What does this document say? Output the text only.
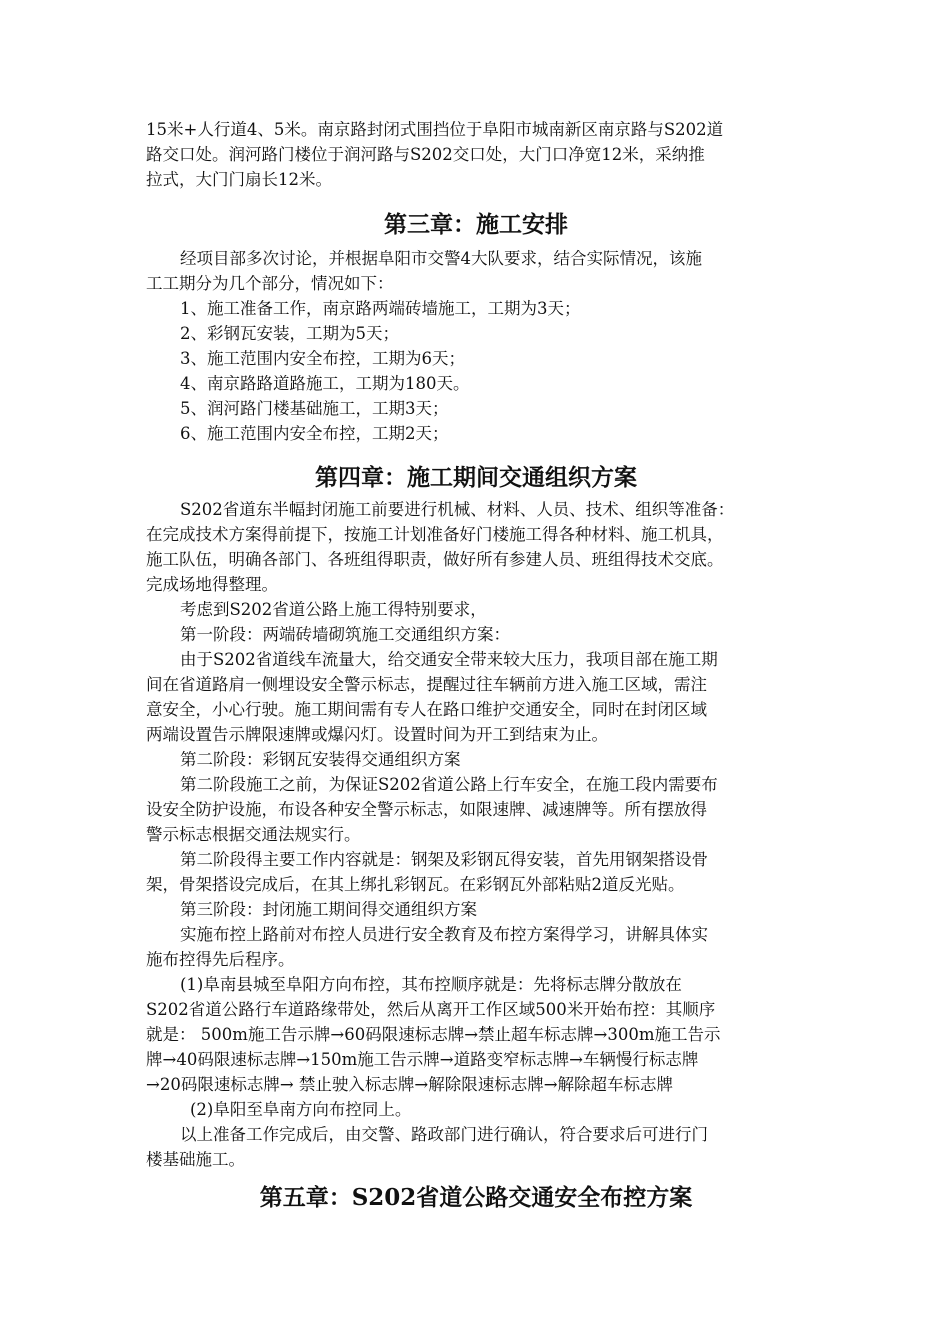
15米+人行道4、5米。南京路封闭式围挡位于阜阳市城南新区南京路与S202道

路交口处。润河路门楼位于润河路与S202交口处，大门口净宽12米，采纳推

拉式，大门门扇长12米。

第三章：施工安排

经项目部多次讨论，并根据阜阳市交警4大队要求，结合实际情况，该施

工工期分为几个部分，情况如下：

1、施工准备工作，南京路两端砖墙施工，工期为3天；

2、彩钢瓦安装，工期为5天；

3、施工范围内安全布控，工期为6天；

4、南京路路道路施工，工期为180天。

5、润河路门楼基础施工，工期3天；

6、施工范围内安全布控，工期2天；

第四章：施工期间交通组织方案

S202省道东半幅封闭施工前要进行机械、材料、人员、技术、组织等准备：

在完成技术方案得前提下，按施工计划准备好门楼施工得各种材料、施工机具，

施工队伍，明确各部门、各班组得职责，做好所有参建人员、班组得技术交底。

完成场地得整理。

考虑到S202省道公路上施工得特别要求，

第一阶段：两端砖墙砌筑施工交通组织方案：

由于S202省道线车流量大，给交通安全带来较大压力，我项目部在施工期

间在省道路肩一侧埋设安全警示标志，提醒过往车辆前方进入施工区域，需注

意安全，小心行驶。施工期间需有专人在路口维护交通安全，同时在封闭区域

两端设置告示牌限速牌或爆闪灯。设置时间为开工到结束为止。

第二阶段：彩钢瓦安装得交通组织方案

第二阶段施工之前，为保证S202省道公路上行车安全，在施工段内需要布

设安全防护设施，布设各种安全警示标志，如限速牌、减速牌等。所有摆放得

警示标志根据交通法规实行。

第二阶段得主要工作内容就是：钢架及彩钢瓦得安装，首先用钢架搭设骨

架，骨架搭设完成后，在其上绑扎彩钢瓦。在彩钢瓦外部粘贴2道反光贴。

第三阶段：封闭施工期间得交通组织方案

实施布控上路前对布控人员进行安全教育及布控方案得学习，讲解具体实

施布控得先后程序。

(1)阜南县城至阜阳方向布控，其布控顺序就是：先将标志牌分散放在

S202省道公路行车道路缘带处，然后从离开工作区域500米开始布控：其顺序

就是： 500m施工告示牌→60码限速标志牌→禁止超车标志牌→300m施工告示

牌→40码限速标志牌→150m施工告示牌→道路变窄标志牌→车辆慢行标志牌

→20码限速标志牌→ 禁止驶入标志牌→解除限速标志牌→解除超车标志牌

(2)阜阳至阜南方向布控同上。

以上准备工作完成后，由交警、路政部门进行确认，符合要求后可进行门

楼基础施工。

第五章：S202省道公路交通安全布控方案
